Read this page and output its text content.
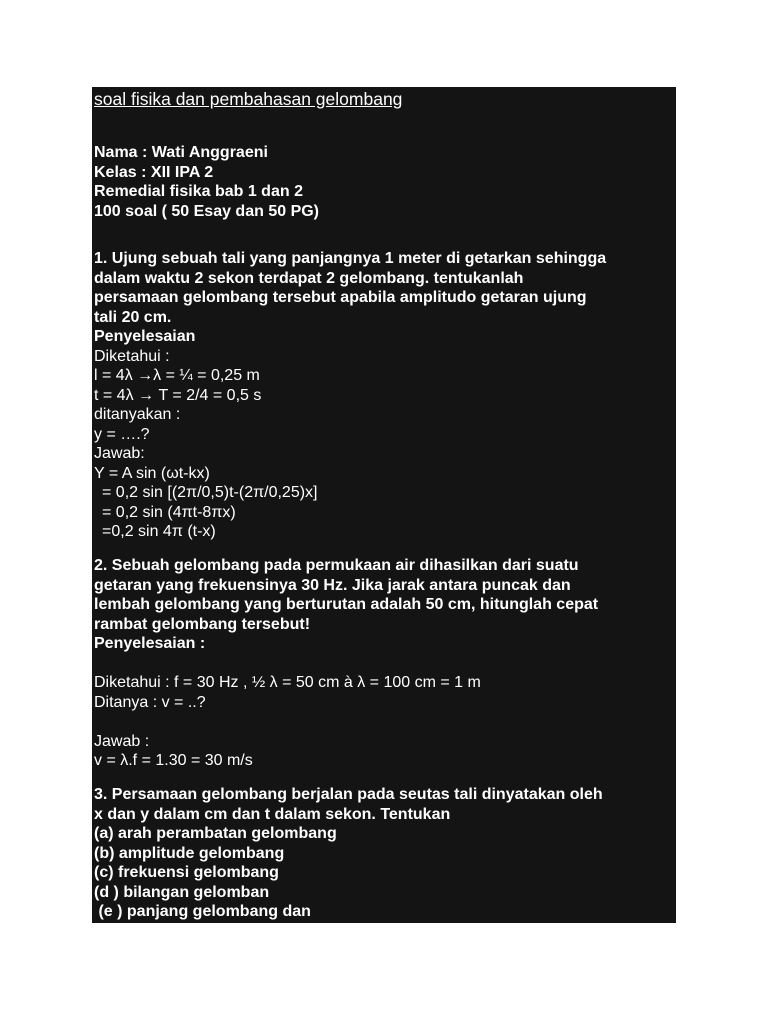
soal fisika dan pembahasan gelombang
Nama : Wati Anggraeni
Kelas : XII IPA 2
Remedial fisika bab 1 dan 2
100 soal ( 50 Esay dan 50 PG)
1. Ujung sebuah tali yang panjangnya 1 meter di getarkan sehingga
dalam waktu 2 sekon terdapat 2 gelombang. tentukanlah
persamaan gelombang tersebut apabila amplitudo getaran ujung
tali 20 cm.
Penyelesaian
Diketahui :
l = 4λ →λ = ¼ = 0,25 m
t = 4λ → T = 2/4 = 0,5 s
ditanyakan :
y = ….?
Jawab:
Y = A sin (ωt-kx)
= 0,2 sin [(2π/0,5)t-(2π/0,25)x]
= 0,2 sin (4πt-8πx)
=0,2 sin 4π (t-x)
2. Sebuah gelombang pada permukaan air dihasilkan dari suatu
getaran yang frekuensinya 30 Hz. Jika jarak antara puncak dan
lembah gelombang yang berturutan adalah 50 cm, hitunglah cepat
rambat gelombang tersebut!
Penyelesaian :
Diketahui : f = 30 Hz , ½ λ = 50 cm à λ = 100 cm = 1 m
Ditanya : v = ..?
Jawab :
v = λ.f = 1.30 = 30 m/s
3. Persamaan gelombang berjalan pada seutas tali dinyatakan oleh
x dan y dalam cm dan t dalam sekon. Tentukan
(a) arah perambatan gelombang
(b) amplitude gelombang
(c) frekuensi gelombang
(d ) bilangan gelomban
(e ) panjang gelombang dan
